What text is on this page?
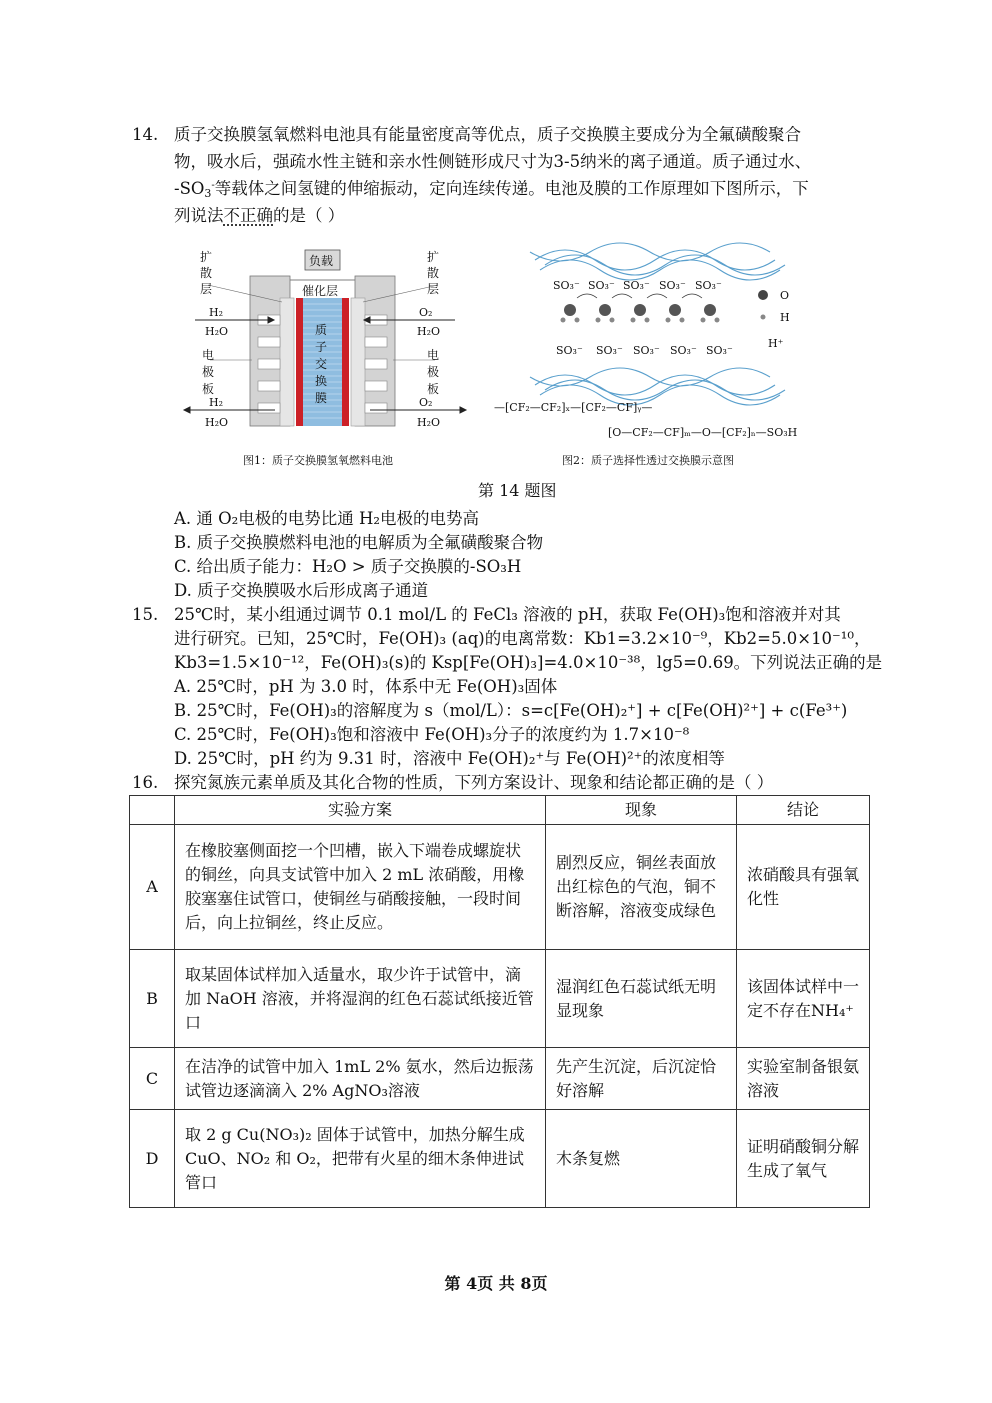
14. 质子交换膜氢氧燃料电池具有能量密度高等优点，质子交换膜主要成分为全氟磺酸聚合
物，吸水后，强疏水性主链和亲水性侧链形成尺寸为3-5纳米的离子通道。质子通过水、
$-SO_3^-$等载体之间氢键的伸缩振动，定向连续传递。电池及膜的工作原理如下图所示，下
列说法不正确的是（ ）
负载
催化层
扩散层
扩散层
电极板
电极板
质子交换膜
H₂
H₂O
H₂
H₂O
O₂
H₂O
O₂
H₂O
图1：质子交换膜氢氧燃料电池
SO₃⁻ SO₃⁻ SO₃⁻ SO₃⁻ SO₃⁻
SO₃⁻ SO₃⁻ SO₃⁻ SO₃⁻ SO₃⁻
O
H
H⁺
—[CF₂—CF₂]ₓ—[CF₂—CF]ᵧ—
[O—CF₂—CF]ₘ—O—[CF₂]ₙ—SO₃H
图2：质子选择性透过交换膜示意图
第 14 题图
A. 通 O₂电极的电势比通 H₂电极的电势高
B. 质子交换膜燃料电池的电解质为全氟磺酸聚合物
C. 给出质子能力：H₂O > 质子交换膜的-SO₃H
D. 质子交换膜吸水后形成离子通道
15. 25℃时，某小组通过调节 0.1 mol/L 的 FeCl₃ 溶液的 pH，获取 Fe(OH)₃饱和溶液并对其
进行研究。已知，25℃时，Fe(OH)₃ (aq)的电离常数：Kb1=3.2×10⁻⁹，Kb2=5.0×10⁻¹⁰，
Kb3=1.5×10⁻¹²，Fe(OH)₃(s)的 Ksp[Fe(OH)₃]=4.0×10⁻³⁸，lg5=0.69。下列说法正确的是
A. 25℃时，pH 为 3.0 时，体系中无 Fe(OH)₃固体
B. 25℃时，Fe(OH)₃的溶解度为 s（mol/L）：s=c[Fe(OH)₂⁺] + c[Fe(OH)²⁺] + c(Fe³⁺)
C. 25℃时，Fe(OH)₃饱和溶液中 Fe(OH)₃分子的浓度约为 1.7×10⁻⁸
D. 25℃时，pH 约为 9.31 时，溶液中 Fe(OH)₂⁺与 Fe(OH)²⁺的浓度相等
16. 探究氮族元素单质及其化合物的性质，下列方案设计、现象和结论都正确的是（ ）
	实验方案	现象	结论
A	在橡胶塞侧面挖一个凹槽，嵌入下端卷成螺旋状的铜丝，向具支试管中加入 2 mL 浓硝酸，用橡胶塞塞住试管口，使铜丝与硝酸接触，一段时间后，向上拉铜丝，终止反应。	剧烈反应，铜丝表面放出红棕色的气泡，铜不断溶解，溶液变成绿色	浓硝酸具有强氧化性
B	取某固体试样加入适量水，取少许于试管中，滴加 NaOH 溶液，并将湿润的红色石蕊试纸接近管口	湿润红色石蕊试纸无明显现象	该固体试样中一定不存在NH₄⁺
C	在洁净的试管中加入 1mL 2% 氨水，然后边振荡试管边逐滴滴入 2% AgNO₃溶液	先产生沉淀，后沉淀恰好溶解	实验室制备银氨溶液
D	取 2 g Cu(NO₃)₂ 固体于试管中，加热分解生成 CuO、NO₂ 和 O₂，把带有火星的细木条伸进试管口	木条复燃	证明硝酸铜分解生成了氧气
第 4页 共 8页
